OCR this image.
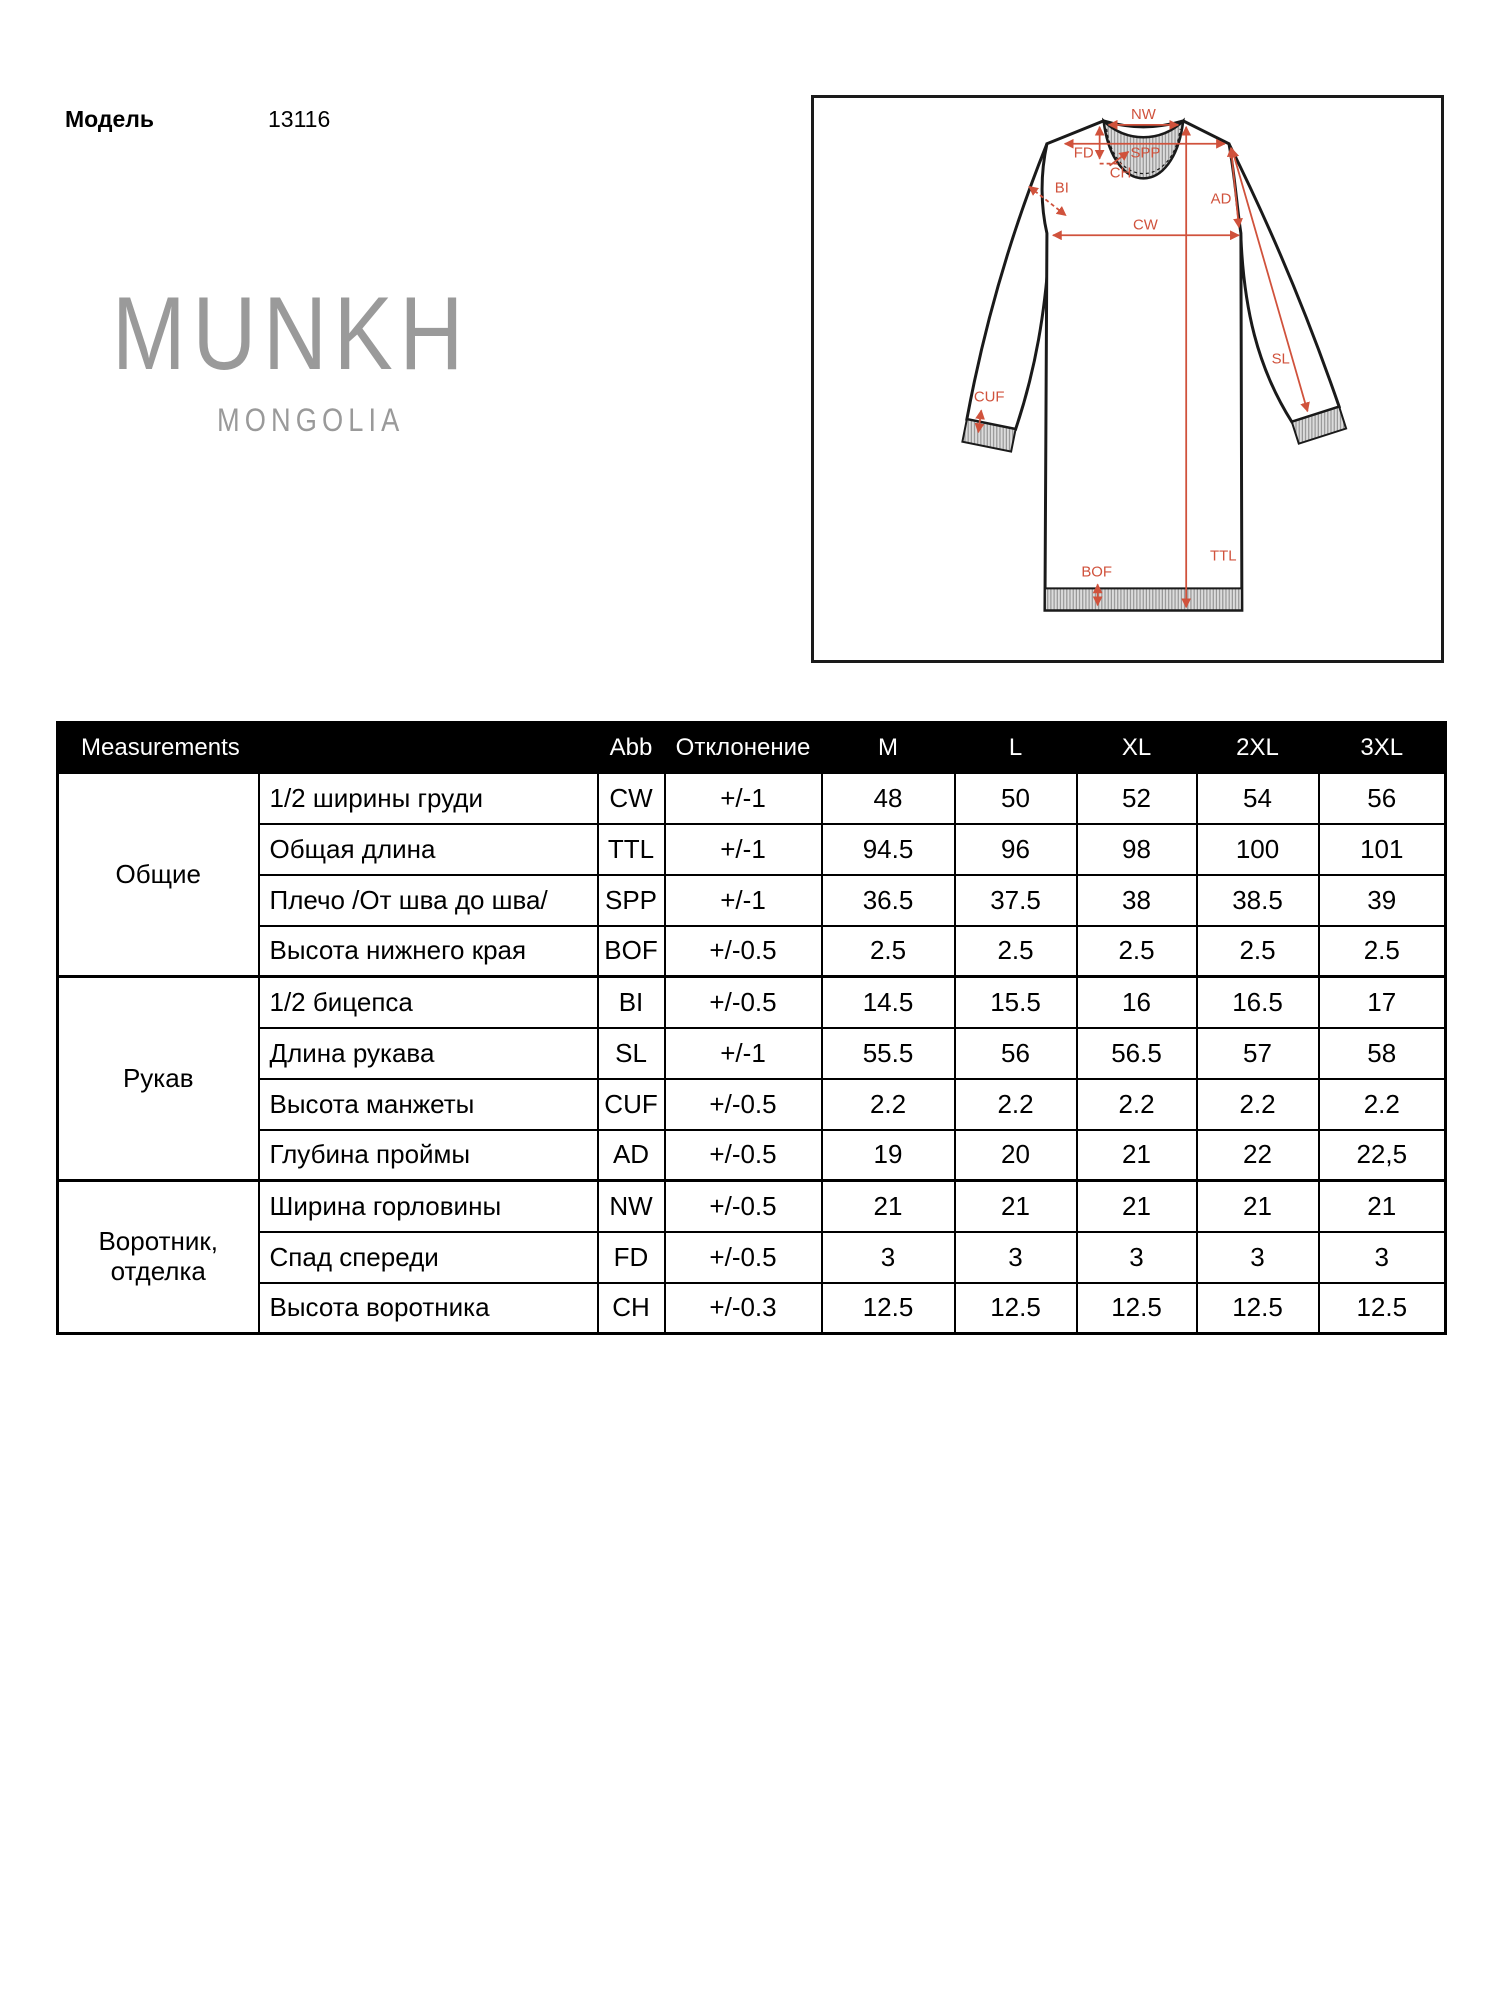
Модель	13116
MUNKH
MONGOLIA
NW
SPP
FD
CH
BI
CW
AD
SL
CUF
TTL
BOF
Measurements		Abb	Отклонение	M	L	XL	2XL	3XL
Общие	1/2 ширины груди	CW	+/-1	48	50	52	54	56
	Общая длина	TTL	+/-1	94.5	96	98	100	101
	Плечо /От шва до шва/	SPP	+/-1	36.5	37.5	38	38.5	39
	Высота нижнего края	BOF	+/-0.5	2.5	2.5	2.5	2.5	2.5
Рукав	1/2 бицепса	BI	+/-0.5	14.5	15.5	16	16.5	17
	Длина рукава	SL	+/-1	55.5	56	56.5	57	58
	Высота манжеты	CUF	+/-0.5	2.2	2.2	2.2	2.2	2.2
	Глубина проймы	AD	+/-0.5	19	20	21	22	22,5
Воротник, отделка	Ширина горловины	NW	+/-0.5	21	21	21	21	21
	Спад спереди	FD	+/-0.5	3	3	3	3	3
	Высота воротника	CH	+/-0.3	12.5	12.5	12.5	12.5	12.5
